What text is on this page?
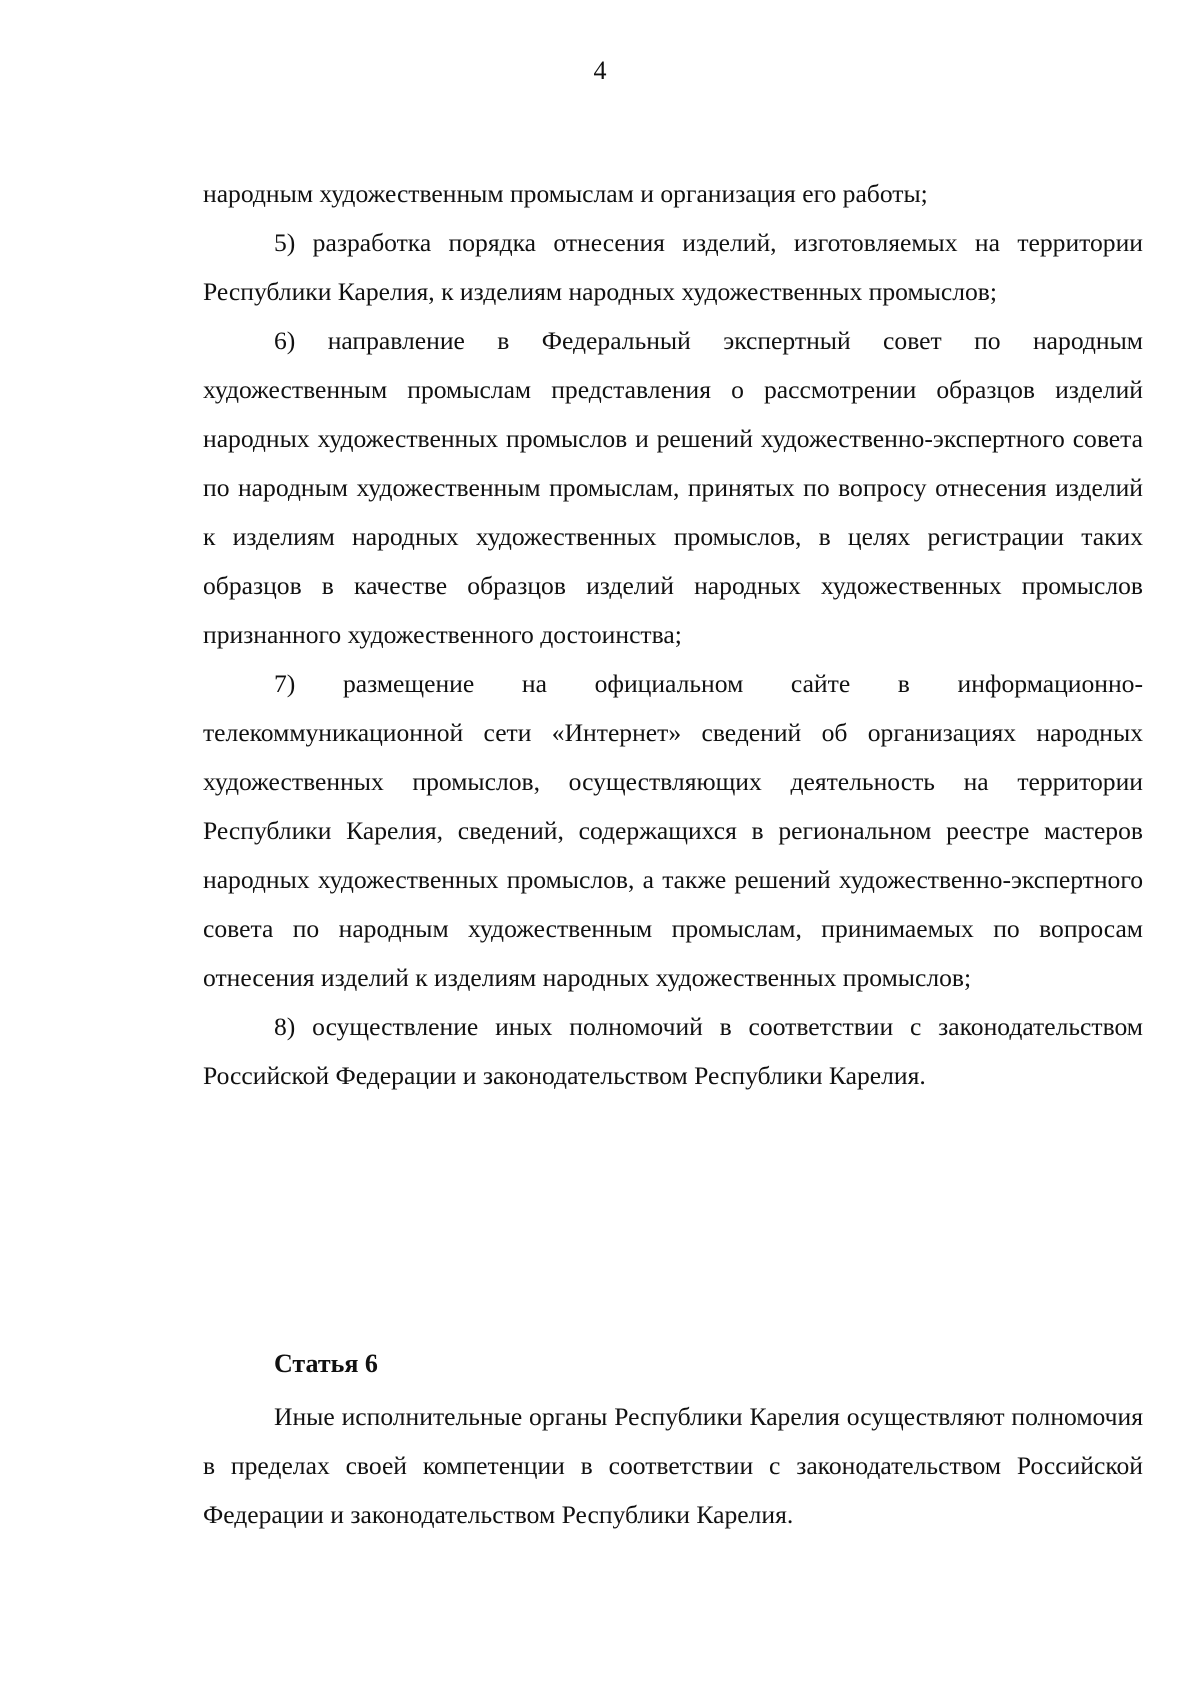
4

народным художественным промыслам и организация его работы;

5) разработка порядка отнесения изделий, изготовляемых на территории Республики Карелия, к изделиям народных художественных промыслов;

6) направление в Федеральный экспертный совет по народным художественным промыслам представления о рассмотрении образцов изделий народных художественных промыслов и решений художественно-экспертного совета по народным художественным промыслам, принятых по вопросу отнесения изделий к изделиям народных художественных промыслов, в целях регистрации таких образцов в качестве образцов изделий народных художественных промыслов признанного художественного достоинства;

7) размещение на официальном сайте в информационно-телекоммуникационной сети «Интернет» сведений об организациях народных художественных промыслов, осуществляющих деятельность на территории Республики Карелия, сведений, содержащихся в региональном реестре мастеров народных художественных промыслов, а также решений художественно-экспертного совета по народным художественным промыслам, принимаемых по вопросам отнесения изделий к изделиям народных художественных промыслов;

8) осуществление иных полномочий в соответствии с законодательством Российской Федерации и законодательством Республики Карелия.

Статья 6

Иные исполнительные органы Республики Карелия осуществляют полномочия в пределах своей компетенции в соответствии с законодательством Российской Федерации и законодательством Республики Карелия.
